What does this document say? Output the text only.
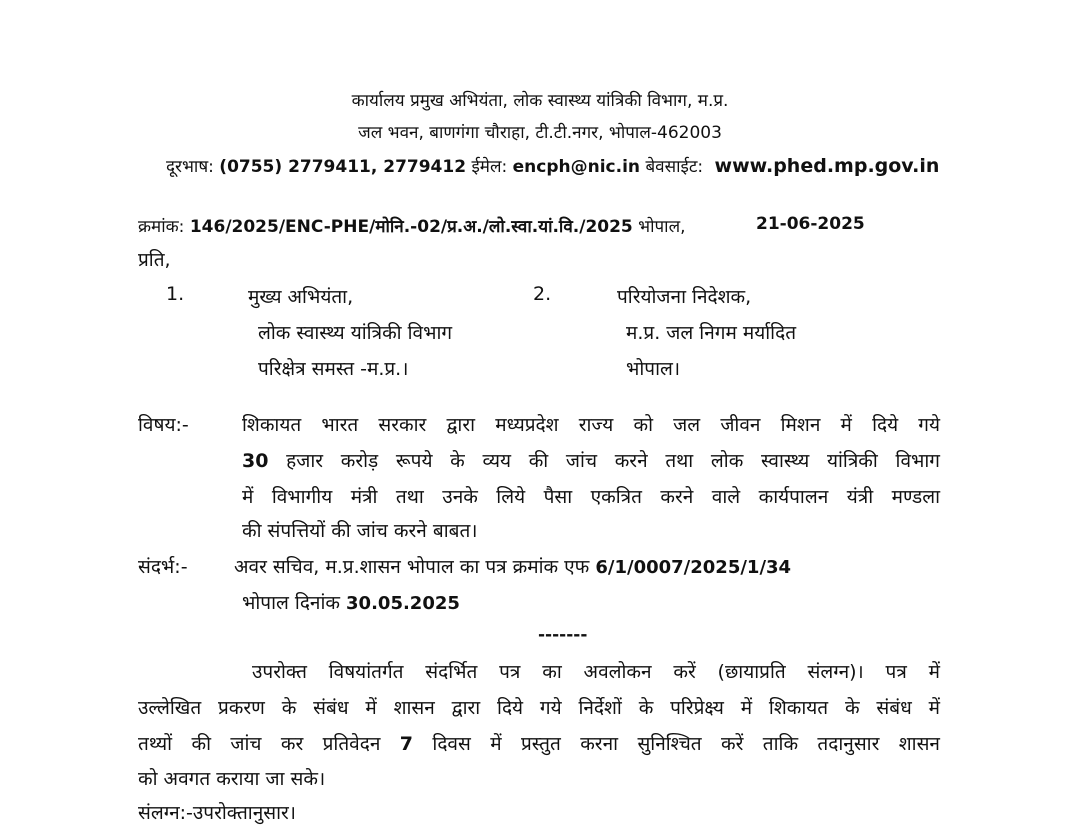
कार्यालय प्रमुख अभियंता, लोक स्वास्थ्य यांत्रिकी विभाग, म.प्र.
जल भवन, बाणगंगा चौराहा, टी.टी.नगर, भोपाल-462003
दूरभाष: (0755) 2779411, 2779412 ईमेल: encph@nic.in बेवसाईट: www.phed.mp.gov.in
क्रमांक: 146/2025/ENC-PHE/मोनि.-02/प्र.अ./लो.स्वा.यां.वि./2025 भोपाल,	21-06-2025
प्रति,
1.	मुख्य अभियंता,
लोक स्वास्थ्य यांत्रिकी विभाग
परिक्षेत्र समस्त -म.प्र.।
2.	परियोजना निदेशक,
म.प्र. जल निगम मर्यादित
भोपाल।
विषय:-	शिकायत भारत सरकार द्वारा मध्यप्रदेश राज्य को जल जीवन मिशन में दिये गये
30 हजार करोड़ रूपये के व्यय की जांच करने तथा लोक स्वास्थ्य यांत्रिकी विभाग
में विभागीय मंत्री तथा उनके लिये पैसा एकत्रित करने वाले कार्यपालन यंत्री मण्डला
की संपत्तियों की जांच करने बाबत।
संदर्भ:- अवर सचिव, म.प्र.शासन भोपाल का पत्र क्रमांक एफ 6/1/0007/2025/1/34
भोपाल दिनांक 30.05.2025
-------
उपरोक्त विषयांतर्गत संदर्भित पत्र का अवलोकन करें (छायाप्रति संलग्न)। पत्र में
उल्लेखित प्रकरण के संबंध में शासन द्वारा दिये गये निर्देशों के परिप्रेक्ष्य में शिकायत के संबंध में
तथ्यों की जांच कर प्रतिवेदन 7 दिवस में प्रस्तुत करना सुनिश्चित करें ताकि तदानुसार शासन
को अवगत कराया जा सके।
संलग्न:-उपरोक्तानुसार।
